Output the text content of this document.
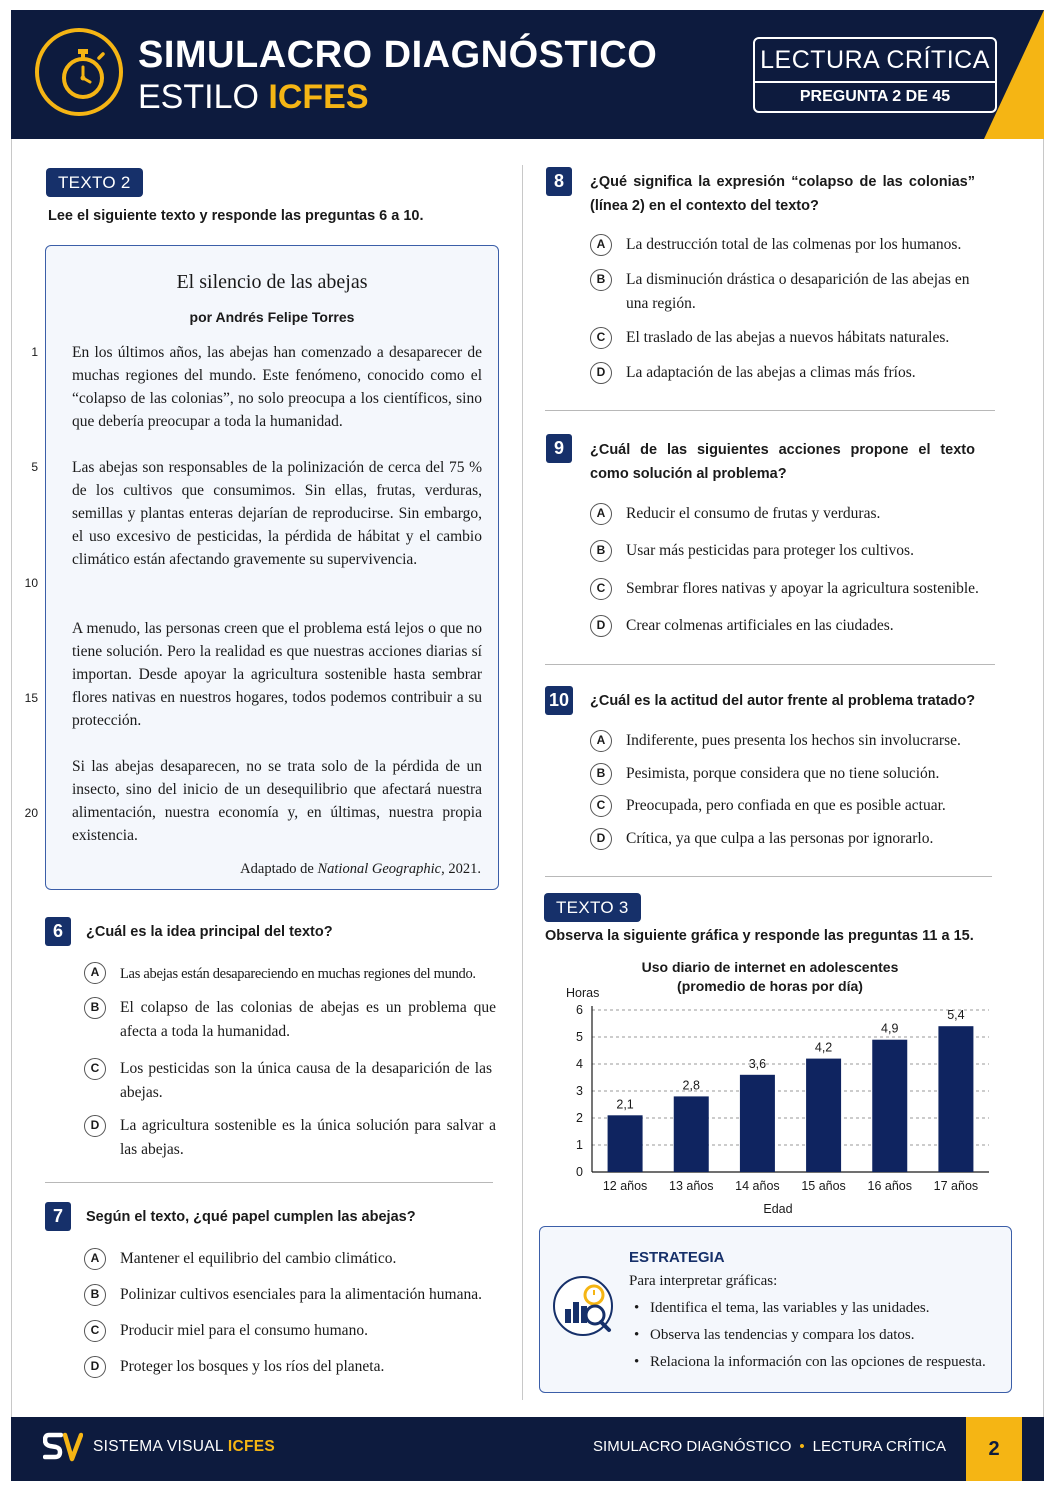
SIMULACRO DIAGNÓSTICO
ESTILO ICFES
LECTURA CRÍTICA
PREGUNTA 2 DE 45
TEXTO 2
Lee el siguiente texto y responde las preguntas 6 a 10.
1
5
10
15
20
El silencio de las abejas
por Andrés Felipe Torres
En los últimos años, las abejas han comenzado a desaparecer de muchas regiones del mundo. Este fenómeno, conocido como el “colapso de las colonias”, no solo preocupa a los científicos, sino que debería preocupar a toda la humanidad.
Las abejas son responsables de la polinización de cerca del 75 % de los cultivos que consumimos. Sin ellas, frutas, verduras, semillas y plantas enteras dejarían de reproducirse. Sin embargo, el uso excesivo de pesticidas, la pérdida de hábitat y el cambio climático están afectando gravemente su supervivencia.
A menudo, las personas creen que el problema está lejos o que no tiene solución. Pero la realidad es que nuestras acciones diarias sí importan. Desde apoyar la agricultura sostenible hasta sembrar flores nativas en nuestros hogares, todos podemos contribuir a su protección.
Si las abejas desaparecen, no se trata solo de la pérdida de un insecto, sino del inicio de un desequilibrio que afectará nuestra alimentación, nuestra economía y, en últimas, nuestra propia existencia.
Adaptado de National Geographic, 2021.
6	¿Cuál es la idea principal del texto?
A	Las abejas están desapareciendo en muchas regiones del mundo.
B	El colapso de las colonias de abejas es un problema que afecta a toda la humanidad.
C	Los pesticidas son la única causa de la desaparición de las abejas.
D	La agricultura sostenible es la única solución para salvar a las abejas.
7	Según el texto, ¿qué papel cumplen las abejas?
A	Mantener el equilibrio del cambio climático.
B	Polinizar cultivos esenciales para la alimentación humana.
C	Producir miel para el consumo humano.
D	Proteger los bosques y los ríos del planeta.
8	¿Qué significa la expresión “colapso de las colonias” (línea 2) en el contexto del texto?
A	La destrucción total de las colmenas por los humanos.
B	La disminución drástica o desaparición de las abejas en una región.
C	El traslado de las abejas a nuevos hábitats naturales.
D	La adaptación de las abejas a climas más fríos.
9	¿Cuál de las siguientes acciones propone el texto como solución al problema?
A	Reducir el consumo de frutas y verduras.
B	Usar más pesticidas para proteger los cultivos.
C	Sembrar flores nativas y apoyar la agricultura sostenible.
D	Crear colmenas artificiales en las ciudades.
10 ¿Cuál es la actitud del autor frente al problema tratado?
A	Indiferente, pues presenta los hechos sin involucrarse.
B	Pesimista, porque considera que no tiene solución.
C	Preocupada, pero confiada en que es posible actuar.
D	Crítica, ya que culpa a las personas por ignorarlo.
TEXTO 3
Observa la siguiente gráfica y responde las preguntas 11 a 15.
Uso diario de internet en adolescentes
(promedio de horas por día)
Horas
Edad
0
1
2
3
4
5
6
2,1
12 años
2,8
13 años
3,6
14 años
4,2
15 años
4,9
16 años
5,4
17 años
ESTRATEGIA
Para interpretar gráficas:
• Identifica el tema, las variables y las unidades.
• Observa las tendencias y compara los datos.
• Relaciona la información con las opciones de respuesta.
SISTEMA VISUAL ICFES	SIMULACRO DIAGNÓSTICO • LECTURA CRÍTICA	2
